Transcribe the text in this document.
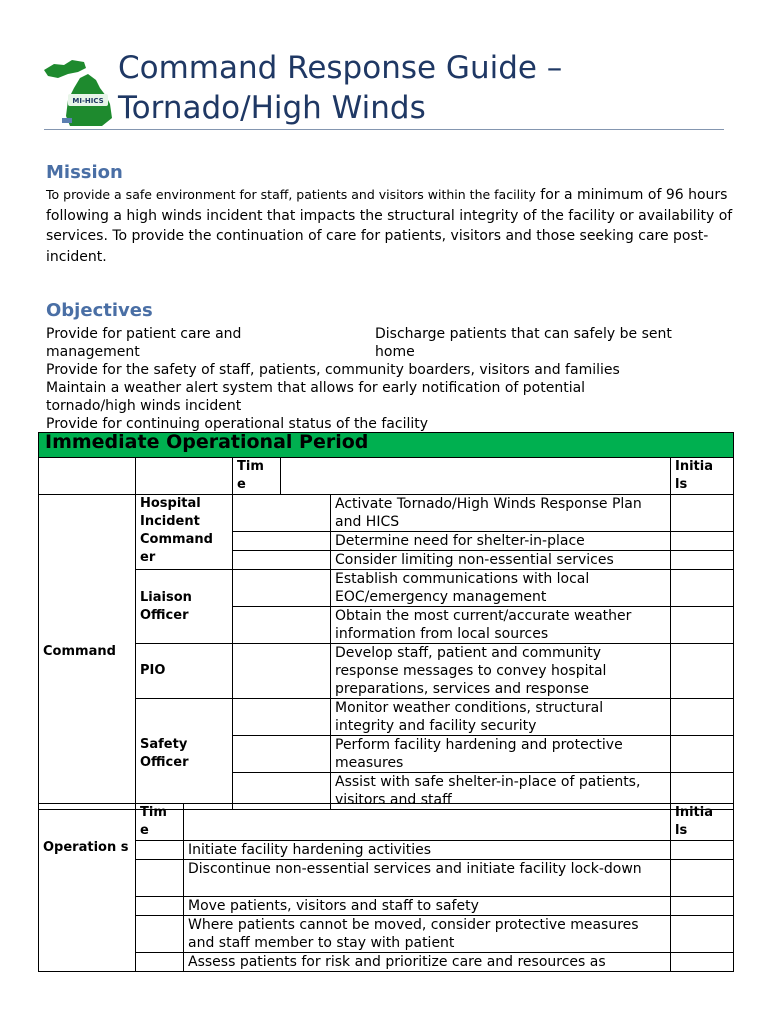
MI-HICS
Command Response Guide –
Tornado/High Winds
Mission
To provide a safe environment for staff, patients and visitors within the facility for a minimum of 96 hours following a high winds incident that impacts the structural integrity of the facility or availability of services. To provide the continuation of care for patients, visitors and those seeking care post-incident.
Objectives
Provide for patient care and
management
Discharge patients that can safely be sent
home
Provide for the safety of staff, patients, community boarders, visitors and families
Maintain a weather alert system that allows for early notification of potential
tornado/high winds incident
Provide for continuing operational status of the facility
Immediate Operational Period					
		Tim e			Initia ls
Command	Hospital Incident Command er			Activate Tornado/High Winds Response Plan and HICS	
				Determine need for shelter-in-place	
				Consider limiting non-essential services	
	Liaison Officer			Establish communications with local EOC/emergency management	
				Obtain the most current/accurate weather information from local sources	
	PIO			Develop staff, patient and community response messages to convey hospital preparations, services and response	
	Safety Officer			Monitor weather conditions, structural integrity and facility security	
				Perform facility hardening and protective measures	
				Assist with safe shelter-in-place of patients, visitors and staff	
Operation s	Tim e		Initia ls
		Initiate facility hardening activities	
		Discontinue non-essential services and initiate facility lock-down	
		Move patients, visitors and staff to safety	
		Where patients cannot be moved, consider protective measures and staff member to stay with patient	
		Assess patients for risk and prioritize care and resources as	
